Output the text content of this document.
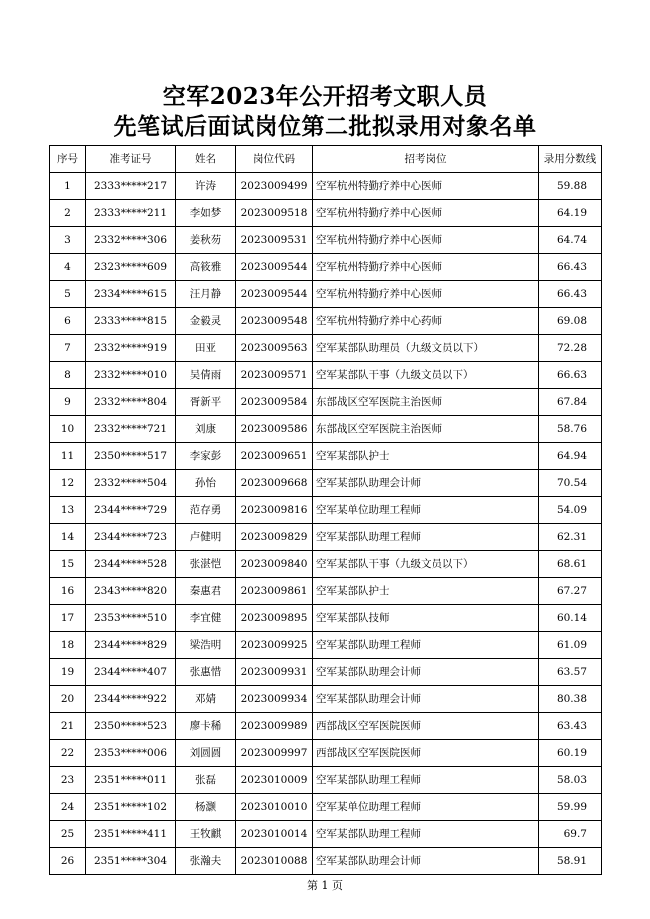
空军2023年公开招考文职人员
先笔试后面试岗位第二批拟录用对象名单
序号	准考证号	姓名	岗位代码	招考岗位	录用分数线
1	2333*****217	许涛	2023009499	空军杭州特勤疗养中心医师	59.88
2	2333*****211	李如梦	2023009518	空军杭州特勤疗养中心医师	64.19
3	2332*****306	姜秋芴	2023009531	空军杭州特勤疗养中心医师	64.74
4	2323*****609	高筱雅	2023009544	空军杭州特勤疗养中心医师	66.43
5	2334*****615	汪月静	2023009544	空军杭州特勤疗养中心医师	66.43
6	2333*****815	金毅灵	2023009548	空军杭州特勤疗养中心药师	69.08
7	2332*****919	田亚	2023009563	空军某部队助理员（九级文员以下）	72.28
8	2332*****010	吴倩雨	2023009571	空军某部队干事（九级文员以下）	66.63
9	2332*****804	胥新平	2023009584	东部战区空军医院主治医师	67.84
10	2332*****721	刘康	2023009586	东部战区空军医院主治医师	58.76
11	2350*****517	李家彭	2023009651	空军某部队护士	64.94
12	2332*****504	孙怡	2023009668	空军某部队助理会计师	70.54
13	2344*****729	范存勇	2023009816	空军某单位助理工程师	54.09
14	2344*****723	卢健明	2023009829	空军某部队助理工程师	62.31
15	2344*****528	张湛恺	2023009840	空军某部队干事（九级文员以下）	68.61
16	2343*****820	秦惠君	2023009861	空军某部队护士	67.27
17	2353*****510	李宜健	2023009895	空军某部队技师	60.14
18	2344*****829	梁浩明	2023009925	空军某部队助理工程师	61.09
19	2344*****407	张惠惜	2023009931	空军某部队助理会计师	63.57
20	2344*****922	邓婧	2023009934	空军某部队助理会计师	80.38
21	2350*****523	廖卡稀	2023009989	西部战区空军医院医师	63.43
22	2353*****006	刘圆圆	2023009997	西部战区空军医院医师	60.19
23	2351*****011	张磊	2023010009	空军某部队助理工程师	58.03
24	2351*****102	杨灏	2023010010	空军某单位助理工程师	59.99
25	2351*****411	王牧麒	2023010014	空军某部队助理工程师	69.7
26	2351*****304	张瀚夫	2023010088	空军某部队助理会计师	58.91
第 1 页
